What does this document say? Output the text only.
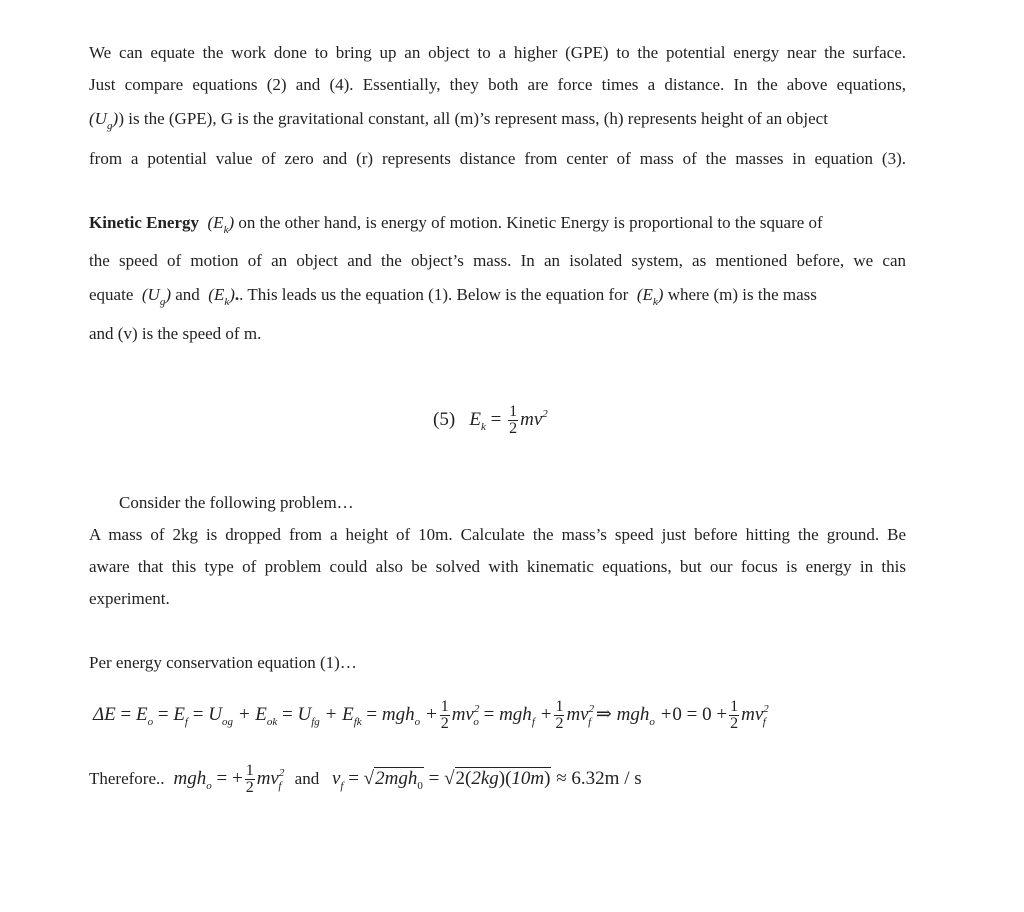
We can equate the work done to bring up an object to a higher (GPE) to the potential energy near the surface.
Just compare equations (2) and (4). Essentially, they both are force times a distance. In the above equations,
$(U_g)$ ) is the (GPE), G is the gravitational constant, all (m)’s represent mass, (h) represents height of an object
from a potential value of zero and (r) represents distance from center of mass of the masses in equation (3).
Kinetic Energy  $(E_k)$ on the other hand, is energy of motion. Kinetic Energy is proportional to the square of
the speed of motion of an object and the object’s mass. In an isolated system, as mentioned before, we can
equate  $(U_g)$ and  $(E_k)$.. This leads us the equation (1). Below is the equation for  $(E_k)$ where (m) is the mass
and (v) is the speed of m.
(5) $E_k = \frac{1}{2} mv^2$
Consider the following problem…
A mass of 2kg is dropped from a height of 10m. Calculate the mass’s speed just before hitting the ground. Be
aware that this type of problem could also be solved with kinematic equations, but our focus is energy in this
experiment.
Per energy conservation equation (1)…
$\Delta E = E_o = E_f = U_{og} + E_{ok} = U_{fg} + E_{fk} = mgh_o + \frac{1}{2} mv^2_o = mgh_f + \frac{1}{2} mv^2_f$ ⇒ $mgh_o +0 = 0 + \frac{1}{2} mv^2_f$
Therefore..  mgh$_o$ = + $\frac{1}{2} mv^2_f$ and   $v_f = √2mgh_0 = √2(2kg)(10m) \approx 6.32m / s$
